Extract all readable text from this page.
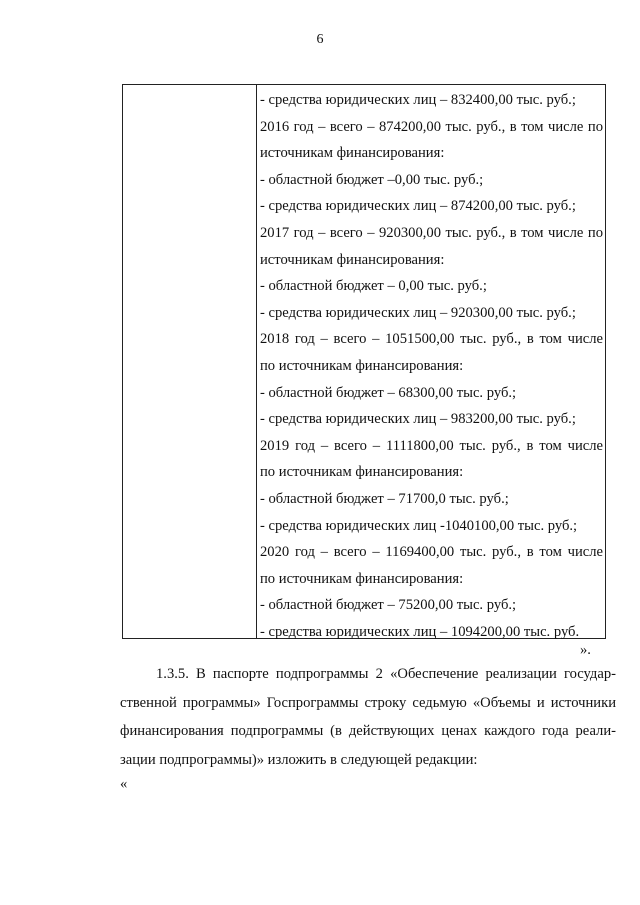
6
- средства юридических лиц – 832400,00 тыс. руб.;
2016 год – всего – 874200,00 тыс. руб., в том числе по
источникам финансирования:
- областной бюджет –0,00 тыс. руб.;
- средства юридических лиц – 874200,00 тыс. руб.;
2017 год – всего – 920300,00 тыс. руб., в том числе по
источникам финансирования:
- областной бюджет – 0,00 тыс. руб.;
- средства юридических лиц – 920300,00 тыс. руб.;
2018 год – всего – 1051500,00 тыс. руб., в том числе
по источникам финансирования:
- областной бюджет – 68300,00 тыс. руб.;
- средства юридических лиц – 983200,00 тыс. руб.;
2019 год – всего – 1111800,00 тыс. руб., в том числе
по источникам финансирования:
- областной бюджет – 71700,0 тыс. руб.;
- средства юридических лиц -1040100,00 тыс. руб.;
2020 год – всего – 1169400,00 тыс. руб., в том числе
по источникам финансирования:
- областной бюджет – 75200,00 тыс. руб.;
- средства юридических лиц – 1094200,00 тыс. руб.
».
1.3.5. В паспорте подпрограммы 2 «Обеспечение реализации государ-
ственной программы» Госпрограммы строку седьмую «Объемы и источники
финансирования подпрограммы (в действующих ценах каждого года реали-
зации подпрограммы)» изложить в следующей редакции:
«
